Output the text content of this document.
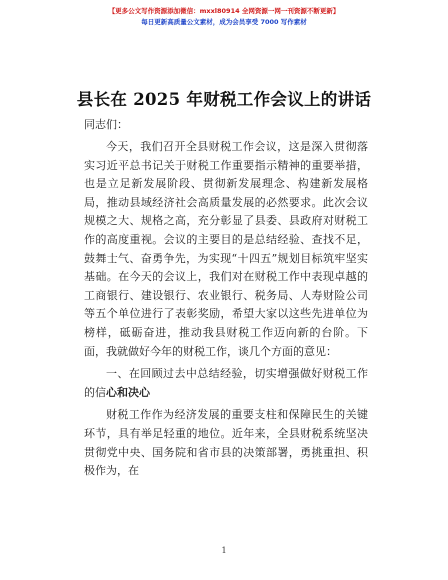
【更多公文写作资源添加微信：mxxl80914 全网资源一网一刊资源不断更新】
每日更新高质量公文素材，成为会员享受 7000 写作素材
县长在 2025 年财税工作会议上的讲话
同志们：

今天，我们召开全县财税工作会议，这是深入贯彻落实习近平总书记关于财税工作重要指示精神的重要举措，也是立足新发展阶段、贯彻新发展理念、构建新发展格局，推动县域经济社会高质量发展的必然要求。此次会议规模之大、规格之高，充分彰显了县委、县政府对财税工作的高度重视。会议的主要目的是总结经验、查找不足，鼓舞士气、奋勇争先，为实现“十四五”规划目标筑牢坚实基础。在今天的会议上，我们对在财税工作中表现卓越的工商银行、建设银行、农业银行、税务局、人寿财险公司等五个单位进行了表彰奖励，希望大家以这些先进单位为榜样，砥砺奋进，推动我县财税工作迈向新的台阶。下面，我就做好今年的财税工作，谈几个方面的意见：

一、在回顾过去中总结经验，切实增强做好财税工作的信心和决心

财税工作作为经济发展的重要支柱和保障民生的关键环节，具有举足轻重的地位。近年来，全县财税系统坚决贯彻党中央、国务院和省市县的决策部署，勇挑重担、积极作为，在

1
